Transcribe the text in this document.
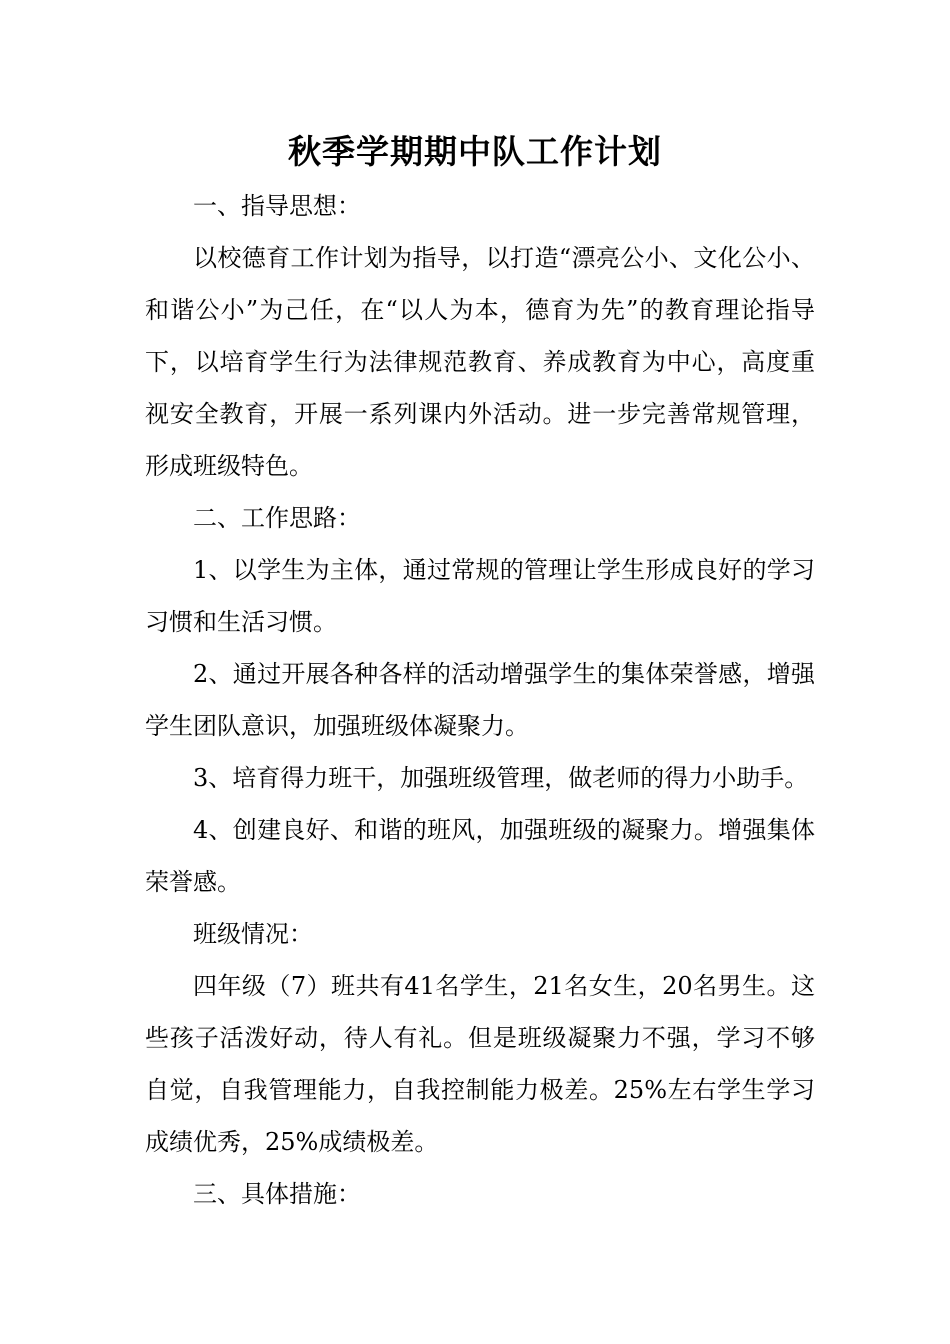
秋季学期期中队工作计划

一、指导思想：

以校德育工作计划为指导，以打造“漂亮公小、文化公小、和谐公小”为己任，在“以人为本，德育为先”的教育理论指导下，以培育学生行为法律规范教育、养成教育为中心，高度重视安全教育，开展一系列课内外活动。进一步完善常规管理，形成班级特色。

二、工作思路：

1、以学生为主体，通过常规的管理让学生形成良好的学习习惯和生活习惯。

2、通过开展各种各样的活动增强学生的集体荣誉感，增强学生团队意识，加强班级体凝聚力。

3、培育得力班干，加强班级管理，做老师的得力小助手。

4、创建良好、和谐的班风，加强班级的凝聚力。增强集体荣誉感。

班级情况：

四年级（7）班共有41名学生，21名女生，20名男生。这些孩子活泼好动，待人有礼。但是班级凝聚力不强，学习不够自觉，自我管理能力，自我控制能力极差。25%左右学生学习成绩优秀，25%成绩极差。

三、具体措施：
